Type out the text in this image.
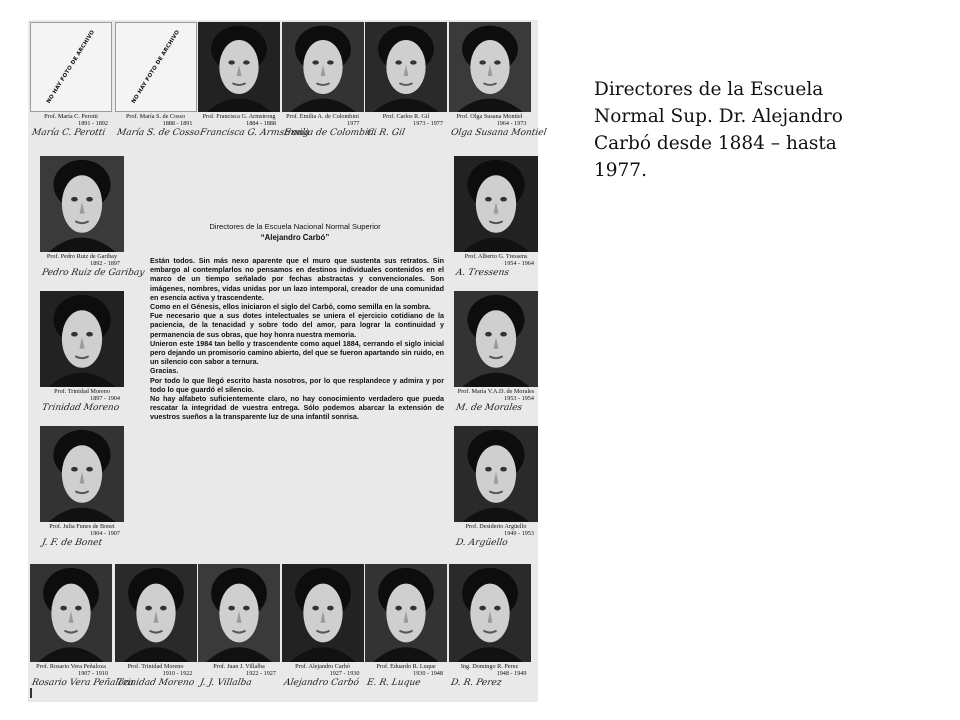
Directores de la Escuela
Normal Sup. Dr. Alejandro
Carbó desde 1884 – hasta
1977.
NO HAY FOTO DE ARCHIVO
Prof. María C. Perotti
1891 - 1892
María C. Perotti
NO HAY FOTO DE ARCHIVO
Prof. María S. de Cosso
1888 - 1891
María S. de Cosso
Prof. Francisca G. Armstrong
1884 - 1888
Francisca G. Armstrong
Prof. Emilia A. de Colombini
1977
Emilia de Colombini
Prof. Carlos R. Gil
1973 - 1977
C. R. Gil
Prof. Olga Susana Montiel
1964 - 1973
Olga Susana Montiel
Prof. Pedro Ruiz de Garibay
1892 - 1897
Pedro Ruiz de Garibay
Prof. Trinidad Moreno
1897 - 1904
Trinidad Moreno
Prof. Julia Funes de Bonet
1904 - 1907
J. F. de Bonet
Prof. Alberto G. Tressens
1954 - 1964
A. Tressens
Prof. María V.A.D. de Morales
1953 - 1954
M. de Morales
Prof. Desiderio Argüello
1949 - 1953
D. Argüello
Prof. Rosario Vera Peñaloza
1907 - 1910
Rosario Vera Peñaloza
Prof. Trinidad Moreno
1910 - 1922
Trinidad Moreno
Prof. Juan J. Villalba
1922 - 1927
J. J. Villalba
Prof. Alejandro Carbó
1927 - 1930
Alejandro Carbó
Prof. Eduardo R. Luque
1930 - 1948
E. R. Luque
Ing. Domingo R. Perez
1948 - 1949
D. R. Perez
Directores de la Escuela Nacional Normal Superior
“Alejandro Carbó”

Están todos. Sin más nexo aparente que el muro que sustenta sus retratos. Sin embargo al contemplarlos no pensamos en destinos individuales contenidos en el marco de un tiempo señalado por fechas abstractas y convencionales. Son imágenes, nombres, vidas unidas por un lazo intemporal, creador de una comunidad en esencia activa y trascendente.

Como en el Génesis, ellos iniciaron el siglo del Carbó, como semilla en la sombra.

Fue necesario que a sus dotes intelectuales se uniera el ejercicio cotidiano de la paciencia, de la tenacidad y sobre todo del amor, para lograr la continuidad y permanencia de sus obras, que hoy honra nuestra memoria.

Unieron este 1984 tan bello y trascendente como aquel 1884, cerrando el siglo inicial pero dejando un promisorio camino abierto, del que se fueron apartando sin ruido, en un silencio con sabor a ternura.

Gracias.

Por todo lo que llegó escrito hasta nosotros, por lo que resplandece y admira y por todo lo que guardó el silencio.

No hay alfabeto suficientemente claro, no hay conocimiento verdadero que pueda rescatar la integridad de vuestra entrega. Sólo podemos abarcar la extensión de vuestros sueños a la transparente luz de una infantil sonrisa.
